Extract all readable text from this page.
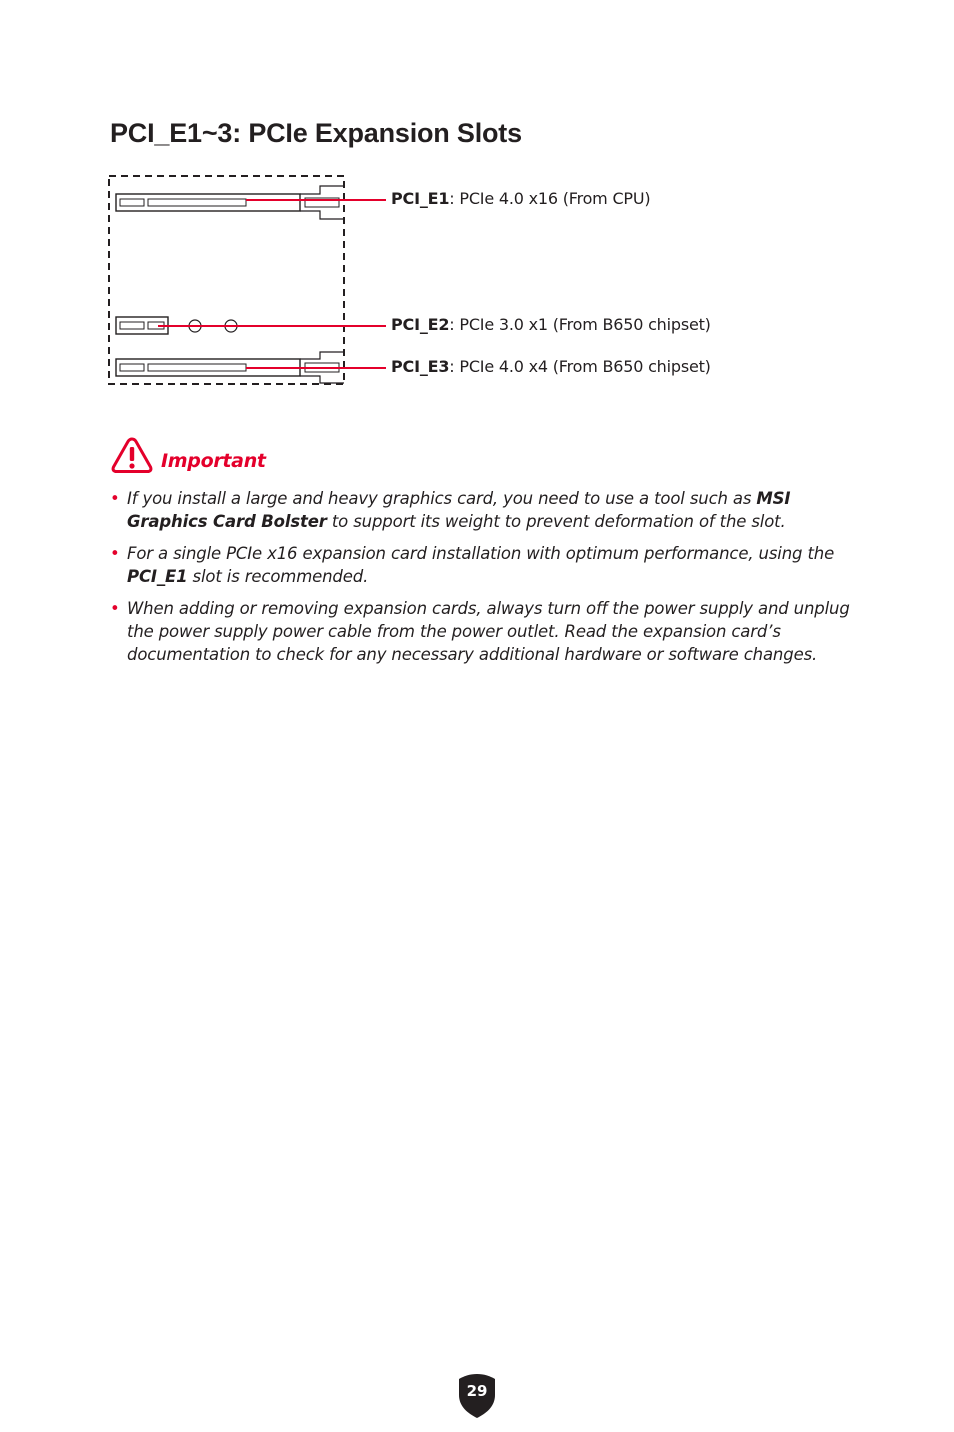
PCI_E1~3: PCIe Expansion Slots
PCI_E1: PCIe 4.0 x16 (From CPU)
PCI_E2: PCIe 3.0 x1 (From B650 chipset)
PCI_E3: PCIe 4.0 x4 (From B650 chipset)
Important
• If you install a large and heavy graphics card, you need to use a tool such as MSI Graphics Card Bolster to support its weight to prevent deformation of the slot.
• For a single PCIe x16 expansion card installation with optimum performance, using the PCI_E1 slot is recommended.
• When adding or removing expansion cards, always turn off the power supply and unplug the power supply power cable from the power outlet. Read the expansion card’s documentation to check for any necessary additional hardware or software changes.
29
